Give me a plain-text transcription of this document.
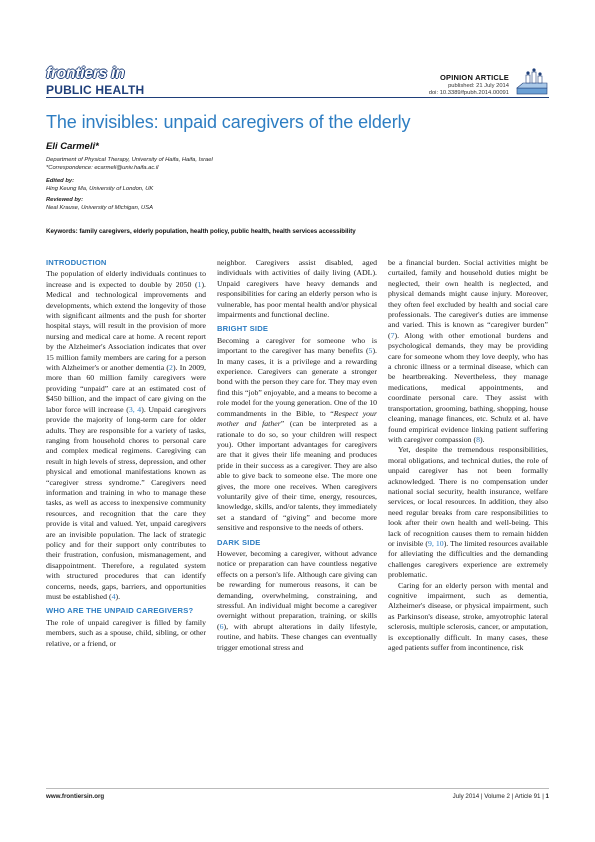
frontiers in
PUBLIC HEALTH
OPINION ARTICLE
published: 21 July 2014
doi: 10.3389/fpubh.2014.00091
The invisibles: unpaid caregivers of the elderly
Eli Carmeli*
Department of Physical Therapy, University of Haifa, Haifa, Israel
*Correspondence: ecarmeli@univ.haifa.ac.il
Edited by:
Hing Keung Ma, University of London, UK
Reviewed by:
Neal Krause, University of Michigan, USA
Keywords: family caregivers, elderly population, health policy, public health, health services accessibility
INTRODUCTION

The population of elderly individuals continues to increase and is expected to double by 2050 (1). Medical and technological improvements and developments, which extend the longevity of those with significant ailments and the push for shorter hospital stays, will result in the provision of more nursing and medical care at home. A recent report by the Alzheimer's Association indicates that over 15 million family members are caring for a person with Alzheimer's or another dementia (2). In 2009, more than 60 million family caregivers were providing “unpaid” care at an estimated cost of $450 billion, and the impact of care giving on the labor force will increase (3, 4). Unpaid caregivers provide the majority of long-term care for older adults. They are responsible for a variety of tasks, ranging from household chores to personal care and complex medical regimens. Caregiving can result in high levels of stress, depression, and other physical and emotional manifestations known as “caregiver stress syndrome.” Caregivers need information and training in who to manage these tasks, as well as access to inexpensive community resources, and recognition that the care they provide is vital and valued. Yet, unpaid caregivers are an invisible population. The lack of strategic policy and for their support only contributes to their frustration, confusion, mismanagement, and disappointment. Therefore, a regulated system with structured procedures that can identify concerns, needs, gaps, barriers, and opportunities must be established (4).

WHO ARE THE UNPAID CAREGIVERS?

The role of unpaid caregiver is filled by family members, such as a spouse, child, sibling, or other relative, or a friend, or

neighbor. Caregivers assist disabled, aged individuals with activities of daily living (ADL). Unpaid caregivers have heavy demands and responsibilities for caring an elderly person who is vulnerable, has poor mental health and/or physical impairments and functional decline.

BRIGHT SIDE

Becoming a caregiver for someone who is important to the caregiver has many benefits (5). In many cases, it is a privilege and a rewarding experience. Caregivers can generate a stronger bond with the person they care for. They may even find this “job” enjoyable, and a means to become a role model for the young generation. One of the 10 commandments in the Bible, to “Respect your mother and father” (can be interpreted as a rationale to do so, so your children will respect you). Other important advantages for caregivers are that it gives their life meaning and produces pride in their success as a caregiver. They are also able to give back to someone else. The more one gives, the more one receives. When caregivers voluntarily give of their time, energy, resources, knowledge, skills, and/or talents, they immediately set a standard of “giving” and become more sensitive and responsive to the needs of others.

DARK SIDE

However, becoming a caregiver, without advance notice or preparation can have countless negative effects on a person's life. Although care giving can be rewarding for numerous reasons, it can be demanding, overwhelming, constraining, and stressful. An individual might become a caregiver overnight without preparation, training, or skills (6), with abrupt alterations in daily lifestyle, routine, and habits. These changes can eventually trigger emotional stress and

be a financial burden. Social activities might be curtailed, family and household duties might be neglected, their own health is neglected, and physical demands might cause injury. Moreover, they often feel excluded by health and social care professionals. The caregiver's duties are immense and varied. This is known as “caregiver burden” (7). Along with other emotional burdens and psychological demands, they may be providing care for someone whom they love deeply, who has a chronic illness or a terminal disease, which can be heartbreaking. Nevertheless, they manage medications, medical appointments, and coordinate personal care. They assist with transportation, grooming, bathing, shopping, house cleaning, manage finances, etc. Schulz et al. have found empirical evidence linking patient suffering with caregiver compassion (8).

Yet, despite the tremendous responsibilities, moral obligations, and technical duties, the role of unpaid caregiver has not been formally acknowledged. There is no compensation under national social security, health insurance, welfare services, or local resources. In addition, they also need regular breaks from care responsibilities to look after their own health and well-being. This lack of recognition causes them to remain hidden or invisible (9, 10). The limited resources available for alleviating the difficulties and the demanding challenges caregivers experience are extremely problematic.

Caring for an elderly person with mental and cognitive impairment, such as dementia, Alzheimer's disease, or physical impairment, such as Parkinson's disease, stroke, amyotrophic lateral sclerosis, multiple sclerosis, cancer, or amputation, is exceptionally difficult. In many cases, these aged patients suffer from incontinence, risk

www.frontiersin.org	July 2014 | Volume 2 | Article 91 | 1
